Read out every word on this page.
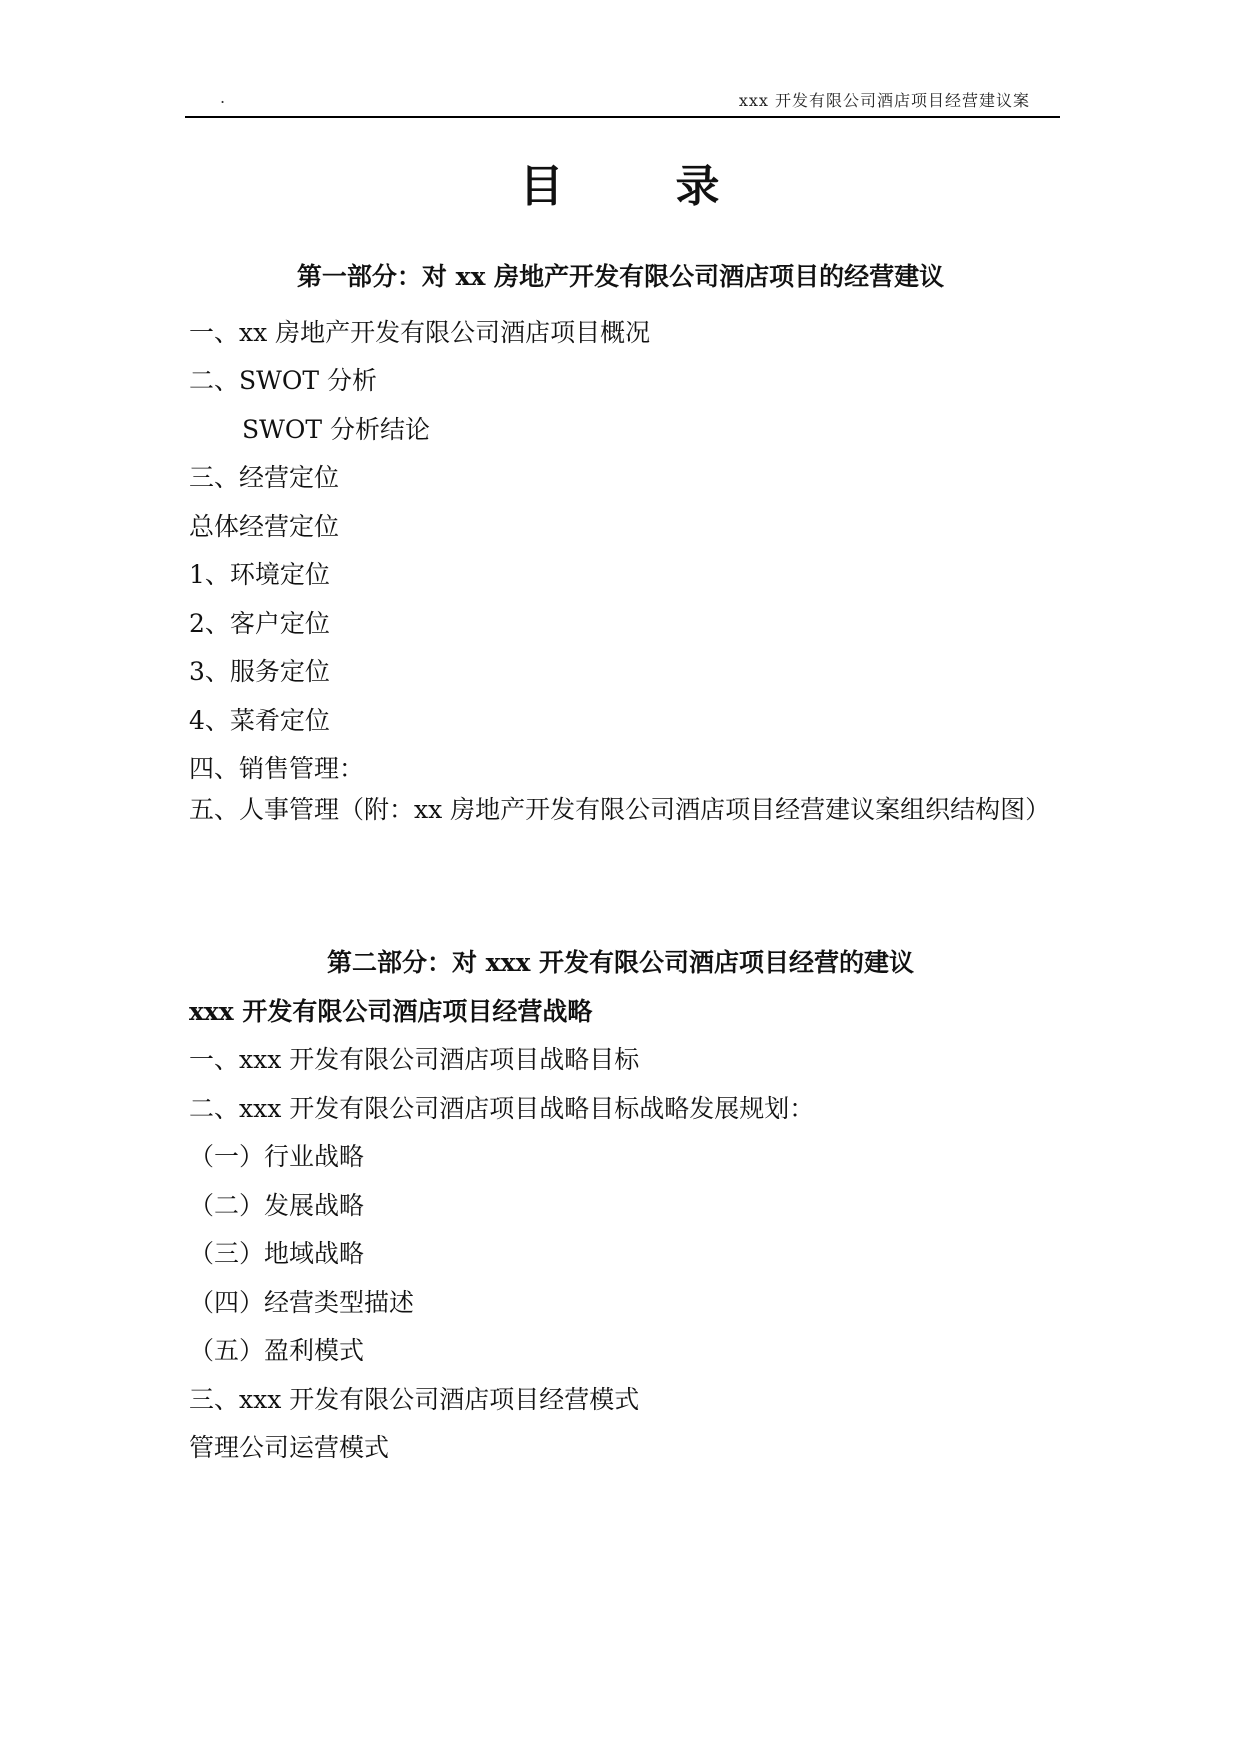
.	xxx 开发有限公司酒店项目经营建议案
目	录
第一部分：对 xx 房地产开发有限公司酒店项目的经营建议
一、xx 房地产开发有限公司酒店项目概况
二、SWOT 分析
SWOT 分析结论
三、经营定位
总体经营定位
1、环境定位
2、客户定位
3、服务定位
4、菜肴定位
四、销售管理：
五、人事管理（附：xx 房地产开发有限公司酒店项目经营建议案组织结构图）
第二部分：对 xxx 开发有限公司酒店项目经营的建议
xxx 开发有限公司酒店项目经营战略
一、xxx 开发有限公司酒店项目战略目标
二、xxx 开发有限公司酒店项目战略目标战略发展规划：
（一）行业战略
（二）发展战略
（三）地域战略
（四）经营类型描述
（五）盈利模式
三、xxx 开发有限公司酒店项目经营模式
管理公司运营模式
